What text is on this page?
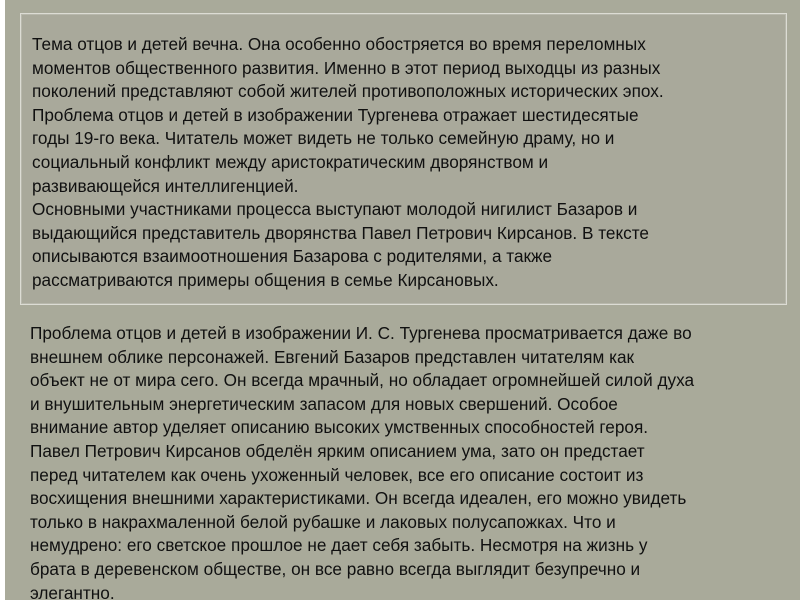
Тема отцов и детей вечна. Она особенно обостряется во время переломных
моментов общественного развития. Именно в этот период выходцы из разных
поколений представляют собой жителей противоположных исторических эпох.
Проблема отцов и детей в изображении Тургенева отражает шестидесятые
годы 19-го века. Читатель может видеть не только семейную драму, но и
социальный конфликт между аристократическим дворянством и
развивающейся интеллигенцией.
Основными участниками процесса выступают молодой нигилист Базаров и
выдающийся представитель дворянства Павел Петрович Кирсанов. В тексте
описываются взаимоотношения Базарова с родителями, а также
рассматриваются примеры общения в семье Кирсановых.
Проблема отцов и детей в изображении И. С. Тургенева просматривается даже во
внешнем облике персонажей. Евгений Базаров представлен читателям как
объект не от мира сего. Он всегда мрачный, но обладает огромнейшей силой духа
и внушительным энергетическим запасом для новых свершений. Особое
внимание автор уделяет описанию высоких умственных способностей героя.
Павел Петрович Кирсанов обделён ярким описанием ума, зато он предстает
перед читателем как очень ухоженный человек, все его описание состоит из
восхищения внешними характеристиками. Он всегда идеален, его можно увидеть
только в накрахмаленной белой рубашке и лаковых полусапожках. Что и
немудрено: его светское прошлое не дает себя забыть. Несмотря на жизнь у
брата в деревенском обществе, он все равно всегда выглядит безупречно и
элегантно.
